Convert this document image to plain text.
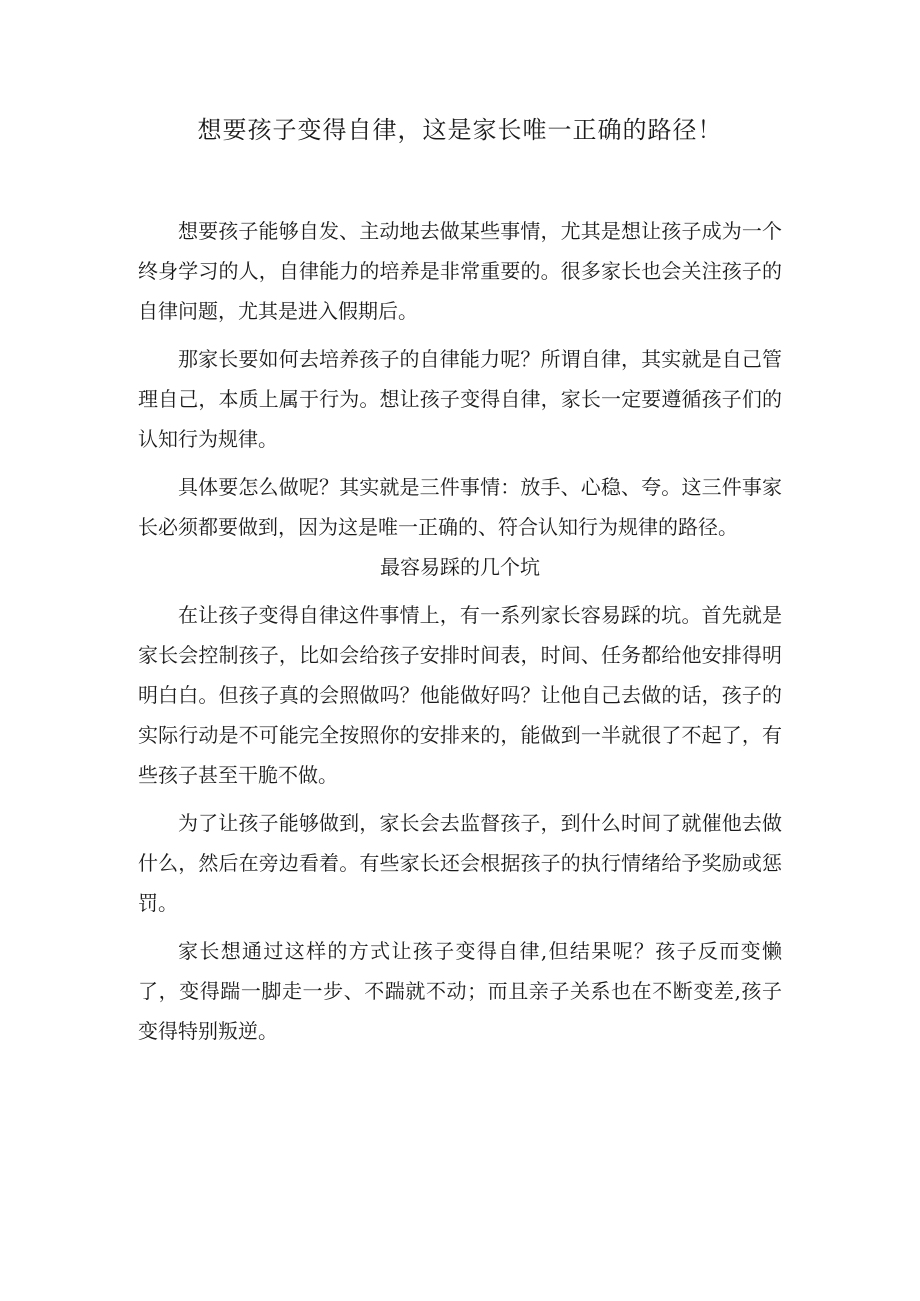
想要孩子变得自律，这是家长唯一正确的路径！

想要孩子能够自发、主动地去做某些事情，尤其是想让孩子成为一个终身学习的人，自律能力的培养是非常重要的。很多家长也会关注孩子的自律问题，尤其是进入假期后。

那家长要如何去培养孩子的自律能力呢？所谓自律，其实就是自己管理自己，本质上属于行为。想让孩子变得自律，家长一定要遵循孩子们的认知行为规律。

具体要怎么做呢？其实就是三件事情：放手、心稳、夸。这三件事家长必须都要做到，因为这是唯一正确的、符合认知行为规律的路径。

最容易踩的几个坑

在让孩子变得自律这件事情上，有一系列家长容易踩的坑。首先就是家长会控制孩子，比如会给孩子安排时间表，时间、任务都给他安排得明明白白。但孩子真的会照做吗？他能做好吗？让他自己去做的话，孩子的实际行动是不可能完全按照你的安排来的，能做到一半就很了不起了，有些孩子甚至干脆不做。

为了让孩子能够做到，家长会去监督孩子，到什么时间了就催他去做什么，然后在旁边看着。有些家长还会根据孩子的执行情绪给予奖励或惩罚。

家长想通过这样的方式让孩子变得自律,但结果呢？孩子反而变懒了，变得踹一脚走一步、不踹就不动；而且亲子关系也在不断变差,孩子变得特别叛逆。
